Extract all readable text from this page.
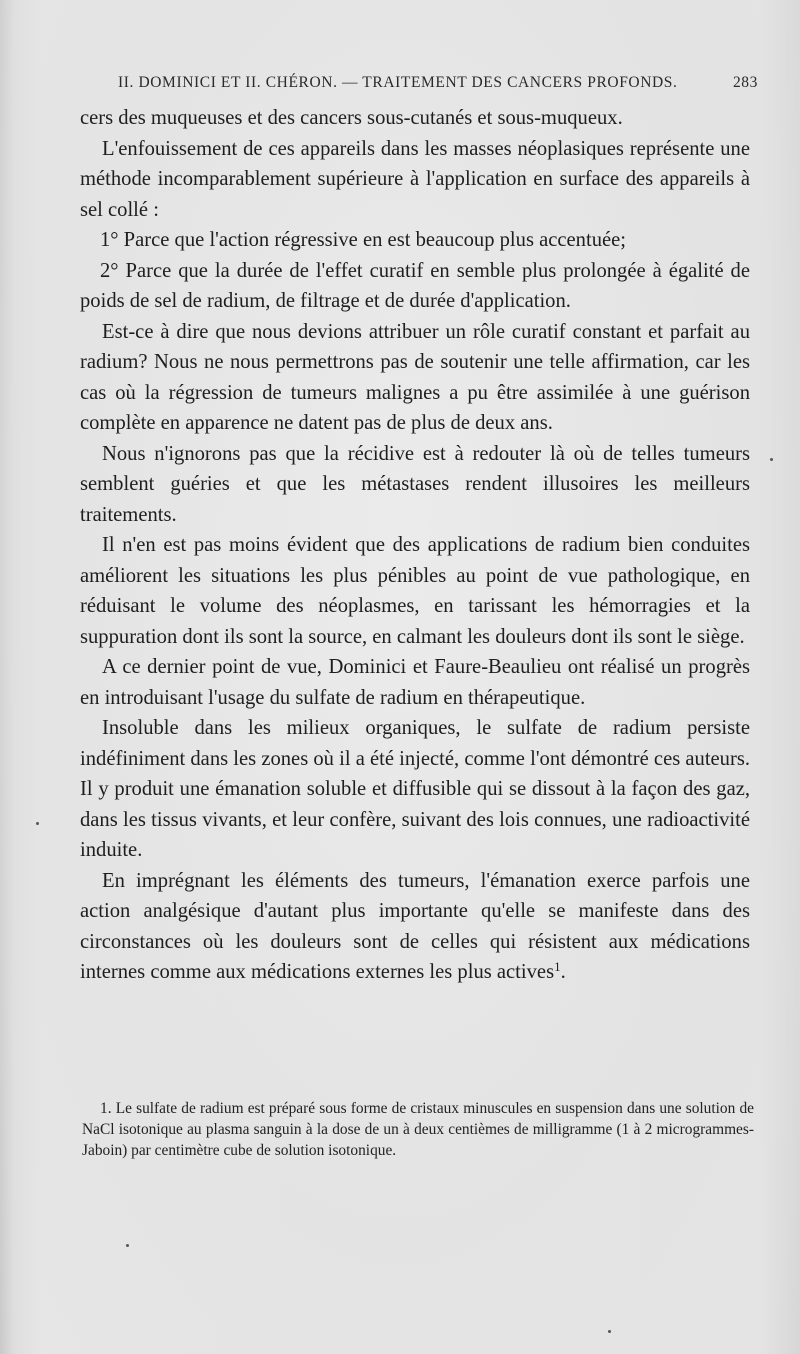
II. DOMINICI ET II. CHÉRON. — TRAITEMENT DES CANCERS PROFONDS.	283

cers des muqueuses et des cancers sous-cutanés et sous-muqueux.

L'enfouissement de ces appareils dans les masses néoplasiques représente une méthode incomparablement supérieure à l'application en surface des appareils à sel collé :

1° Parce que l'action régressive en est beaucoup plus accentuée;

2° Parce que la durée de l'effet curatif en semble plus prolongée à égalité de poids de sel de radium, de filtrage et de durée d'application.

Est-ce à dire que nous devions attribuer un rôle curatif constant et parfait au radium? Nous ne nous permettrons pas de soutenir une telle affirmation, car les cas où la régression de tumeurs malignes a pu être assimilée à une guérison complète en apparence ne datent pas de plus de deux ans.

Nous n'ignorons pas que la récidive est à redouter là où de telles tumeurs semblent guéries et que les métastases rendent illusoires les meilleurs traitements.

Il n'en est pas moins évident que des applications de radium bien conduites améliorent les situations les plus pénibles au point de vue pathologique, en réduisant le volume des néoplasmes, en tarissant les hémorragies et la suppuration dont ils sont la source, en calmant les douleurs dont ils sont le siège.

A ce dernier point de vue, Dominici et Faure-Beaulieu ont réalisé un progrès en introduisant l'usage du sulfate de radium en thérapeutique.

Insoluble dans les milieux organiques, le sulfate de radium persiste indéfiniment dans les zones où il a été injecté, comme l'ont démontré ces auteurs. Il y produit une émanation soluble et diffusible qui se dissout à la façon des gaz, dans les tissus vivants, et leur confère, suivant des lois connues, une radioactivité induite.

En imprégnant les éléments des tumeurs, l'émanation exerce parfois une action analgésique d'autant plus importante qu'elle se manifeste dans des circonstances où les douleurs sont de celles qui résistent aux médications internes comme aux médications externes les plus actives$^1$.

1. Le sulfate de radium est préparé sous forme de cristaux minuscules en suspension dans une solution de NaCl isotonique au plasma sanguin à la dose de un à deux centièmes de milligramme (1 à 2 microgrammes-Jaboin) par centimètre cube de solution isotonique.
